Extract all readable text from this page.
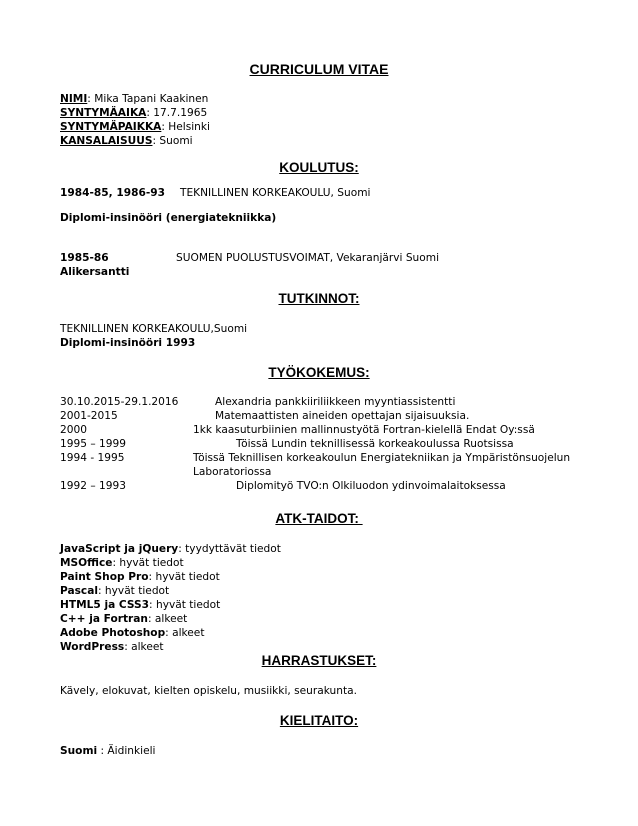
CURRICULUM VITAE
NIMI: Mika Tapani Kaakinen
SYNTYMÄAIKA: 17.7.1965
SYNTYMÄPAIKKA: Helsinki
KANSALAISUUS: Suomi
KOULUTUS:
1984-85, 1986-93 TEKNILLINEN KORKEAKOULU, Suomi
Diplomi-insinööri (energiatekniikka)
1985-86	SUOMEN PUOLUSTUSVOIMAT, Vekaranjärvi Suomi
Alikersantti
TUTKINNOT:
TEKNILLINEN KORKEAKOULU,Suomi
Diplomi-insinööri 1993
TYÖKOKEMUS:
30.10.2015-29.1.2016	Alexandria pankkiiriliikkeen myyntiassistentti
2001-2015	Matemaattisten aineiden opettajan sijaisuuksia.
2000	1kk kaasuturbiinien mallinnustyötä Fortran-kielellä Endat Oy:ssä
1995 – 1999	Töissä Lundin teknillisessä korkeakoulussa Ruotsissa
1994 - 1995	Töissä Teknillisen korkeakoulun Energiatekniikan ja Ympäristönsuojelun
Laboratoriossa
1992 – 1993	Diplomityö TVO:n Olkiluodon ydinvoimalaitoksessa
ATK-TAIDOT:
JavaScript ja jQuery: tyydyttävät tiedot
MSOffice: hyvät tiedot
Paint Shop Pro: hyvät tiedot
Pascal: hyvät tiedot
HTML5 ja CSS3: hyvät tiedot
C++ ja Fortran: alkeet
Adobe Photoshop: alkeet
WordPress: alkeet
HARRASTUKSET:
Kävely, elokuvat, kielten opiskelu, musiikki, seurakunta.
KIELITAITO:
Suomi : Äidinkieli
